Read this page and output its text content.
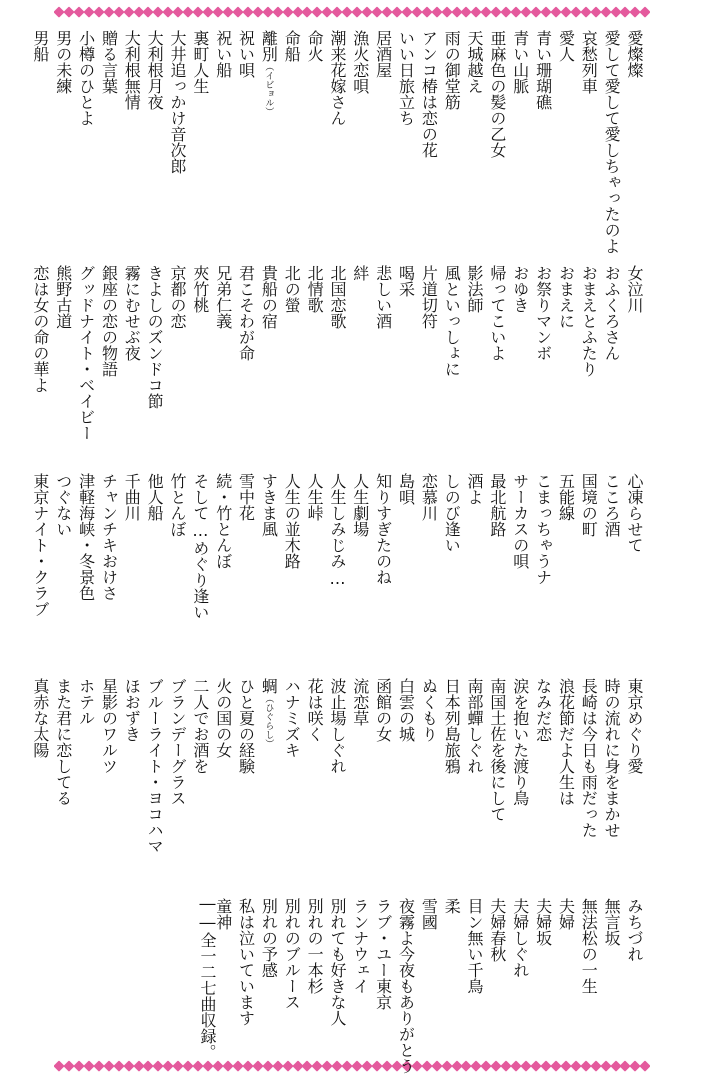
愛燦燦
愛して愛して愛しちゃったのよ
哀愁列車
愛人
青い珊瑚礁
青い山脈
亜麻色の髪の乙女
天城越え
雨の御堂筋
アンコ椿は恋の花
いい日旅立ち
居酒屋
漁火恋唄
潮来花嫁さん
命火
命船
離別（イビョル）
祝い唄
祝い船
裏町人生
大井追っかけ音次郎
大利根月夜
大利根無情
贈る言葉
小樽のひとよ
男の未練
男船
女泣川
おふくろさん
おまえとふたり
おまえに
お祭りマンボ
おゆき
帰ってこいよ
影法師
風といっしょに
片道切符
喝采
悲しい酒
絆
北国恋歌
北情歌
北の螢
貴船の宿
君こそわが命
兄弟仁義
夾竹桃
京都の恋
きよしのズンドコ節
霧にむせぶ夜
銀座の恋の物語
グッドナイト・ベイビー
熊野古道
恋は女の命の華よ
心凍らせて
こころ酒
国境の町
五能線
こまっちゃうナ
サーカスの唄
最北航路
酒よ
しのび逢い
恋慕川
島唄
知りすぎたのね
人生劇場
人生しみじみ…
人生峠
人生の並木路
すきま風
雪中花
続・竹とんぼ
そして…めぐり逢い
竹とんぼ
他人船
千曲川
チャンチキおけさ
津軽海峡・冬景色
つぐない
東京ナイト・クラブ
東京めぐり愛
時の流れに身をまかせ
長崎は今日も雨だった
浪花節だよ人生は
なみだ恋
涙を抱いた渡り鳥
南国土佐を後にして
南部蟬しぐれ
日本列島旅鴉
ぬくもり
白雲の城
函館の女
流恋草
波止場しぐれ
花は咲く
ハナミズキ
蜩（ひぐらし）
ひと夏の経験
火の国の女
二人でお酒を
ブランデーグラス
ブルーライト・ヨコハマ
ほおずき
星影のワルツ
ホテル
また君に恋してる
真赤な太陽
みちづれ
無言坂
無法松の一生
夫婦
夫婦坂
夫婦しぐれ
夫婦春秋
目ン無い千鳥
柔
雪國
夜霧よ今夜もありがとう
ラブ・ユー東京
ランナウェイ
別れても好きな人
別れの一本杉
別れのブルース
別れの予感
私は泣いています
童神
――全一二七曲収録。
